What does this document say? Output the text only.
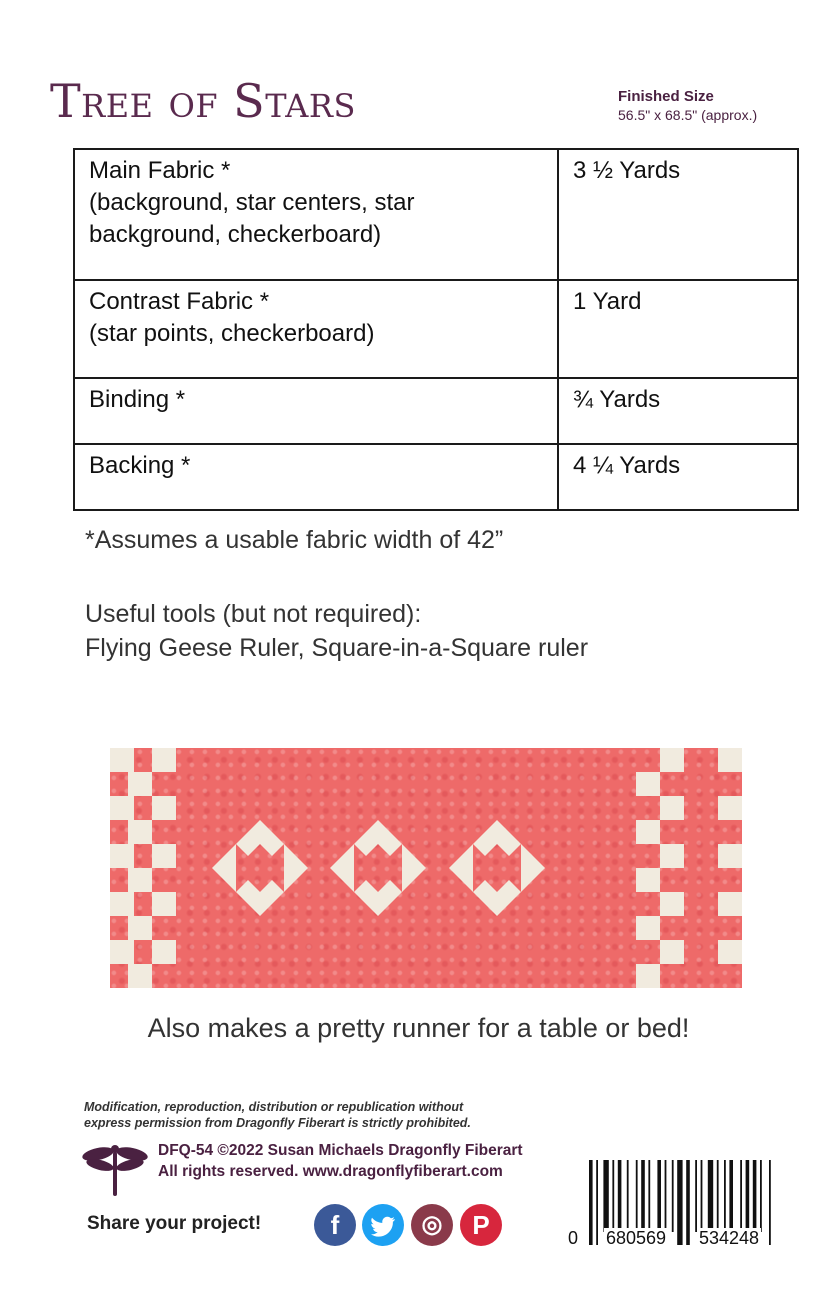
Tree of Stars	Finished Size
56.5" x 68.5" (approx.)
Main Fabric *
(background, star centers, star
background, checkerboard)	3 ½ Yards

Contrast Fabric *
(star points, checkerboard)	1 Yard

Binding *	¾ Yards

Backing *	4 ¼ Yards
*Assumes a usable fabric width of 42”
Useful tools (but not required):
Flying Geese Ruler, Square-in-a-Square ruler
Also makes a pretty runner for a table or bed!
Modification, reproduction, distribution or republication without
express permission from Dragonfly Fiberart is strictly prohibited.
DFQ-54 ©2022 Susan Michaels Dragonfly Fiberart
All rights reserved. www.dragonflyfiberart.com
Share your project!	f	◎	P	0 680569 534248
